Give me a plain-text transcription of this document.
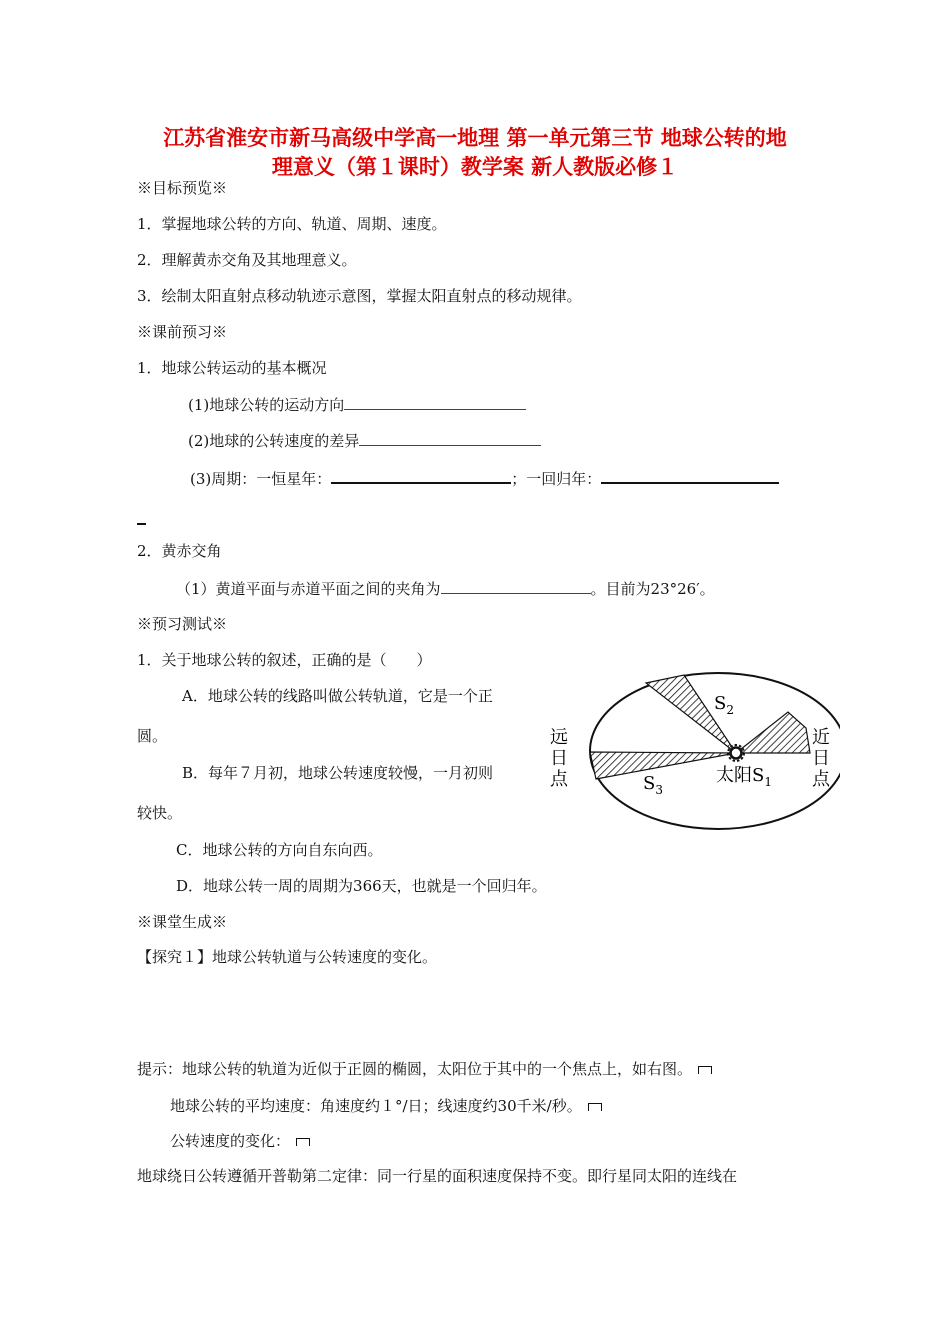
江苏省淮安市新马高级中学高一地理 第一单元第三节 地球公转的地
理意义（第１课时）教学案 新人教版必修１
※目标预览※
1．掌握地球公转的方向、轨道、周期、速度。
2．理解黄赤交角及其地理意义。
3．绘制太阳直射点移动轨迹示意图，掌握太阳直射点的移动规律。
※课前预习※
1．地球公转运动的基本概况
(1)地球公转的运动方向
(2)地球的公转速度的差异
(3)周期：一恒星年：	；一回归年：
2．黄赤交角
（1）黄道平面与赤道平面之间的夹角为	。目前为23°26′。
※预习测试※
1．关于地球公转的叙述，正确的是（　　）
A．地球公转的线路叫做公转轨道，它是一个正
圆。
B．每年７月初，地球公转速度较慢，一月初则
较快。
C．地球公转的方向自东向西。
D．地球公转一周的周期为366天，也就是一个回归年。
※课堂生成※
【探究１】地球公转轨道与公转速度的变化。
提示：地球公转的轨道为近似于正圆的椭圆，太阳位于其中的一个焦点上，如右图。
地球公转的平均速度：角速度约１°/日；线速度约30千米/秒。
公转速度的变化：
地球绕日公转遵循开普勒第二定律：同一行星的面积速度保持不变。即行星同太阳的连线在
$S_2$
$S_3$
太阳$S_1$
远
日
点
近
日
点
